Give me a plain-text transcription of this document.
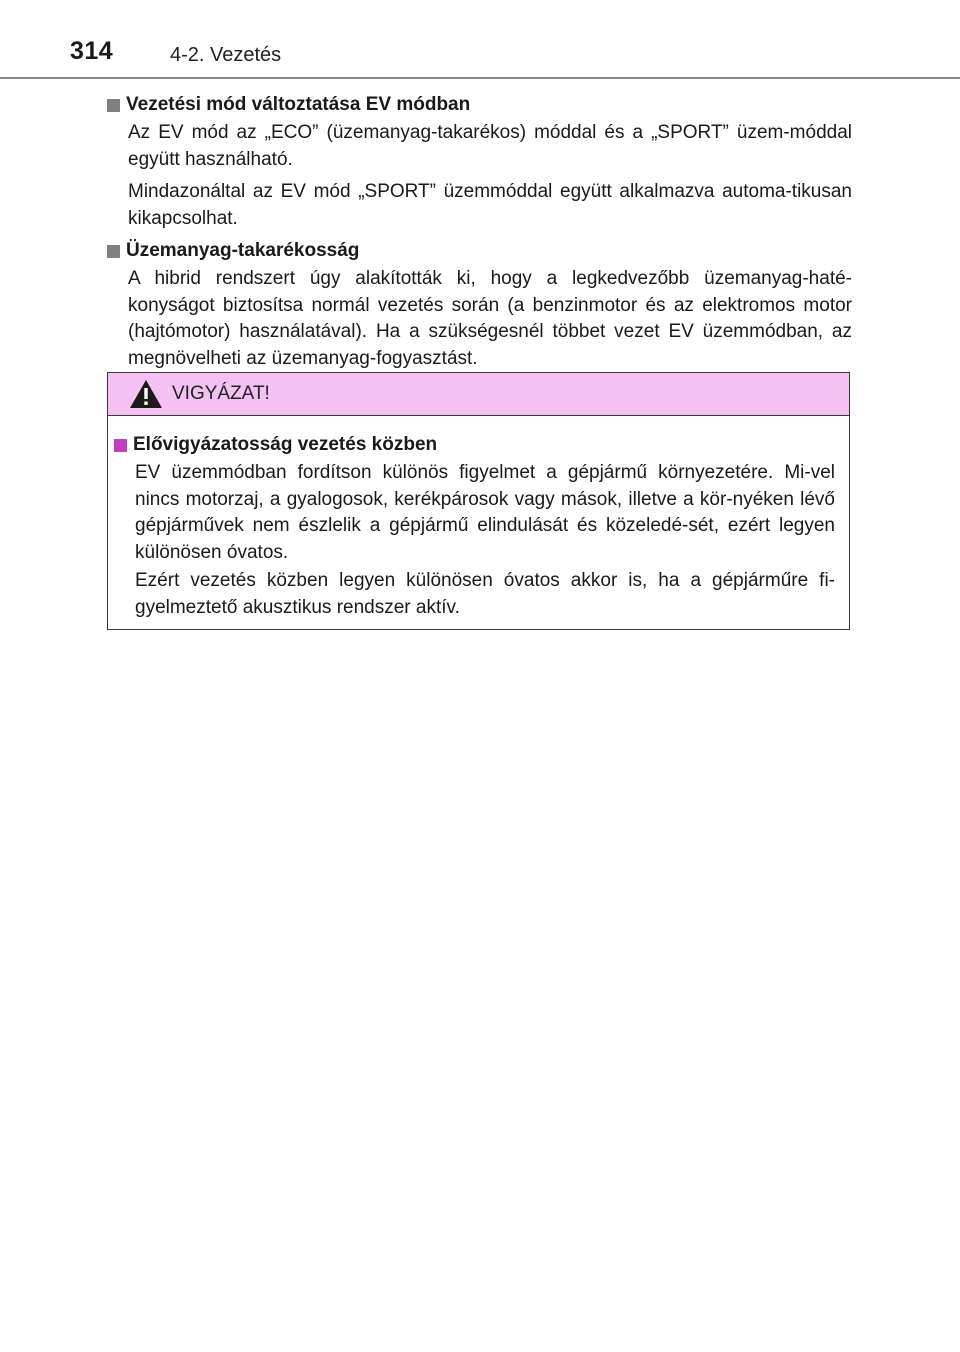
314	4-2. Vezetés
Vezetési mód változtatása EV módban
Az EV mód az „ECO” (üzemanyag-takarékos) móddal és a „SPORT” üzem-móddal együtt használható.
Mindazonáltal az EV mód „SPORT” üzemmóddal együtt alkalmazva automa-tikusan kikapcsolhat.
Üzemanyag-takarékosság
A hibrid rendszert úgy alakították ki, hogy a legkedvezőbb üzemanyag-haté-konyságot biztosítsa normál vezetés során (a benzinmotor és az elektromos motor (hajtómotor) használatával). Ha a szükségesnél többet vezet EV üzemmódban, az megnövelheti az üzemanyag-fogyasztást.
VIGYÁZAT!
Elővigyázatosság vezetés közben
EV üzemmódban fordítson különös figyelmet a gépjármű környezetére. Mi-vel nincs motorzaj, a gyalogosok, kerékpárosok vagy mások, illetve a kör-nyéken lévő gépjárművek nem észlelik a gépjármű elindulását és közeledé-sét, ezért legyen különösen óvatos.
Ezért vezetés közben legyen különösen óvatos akkor is, ha a gépjárműre fi-gyelmeztető akusztikus rendszer aktív.
